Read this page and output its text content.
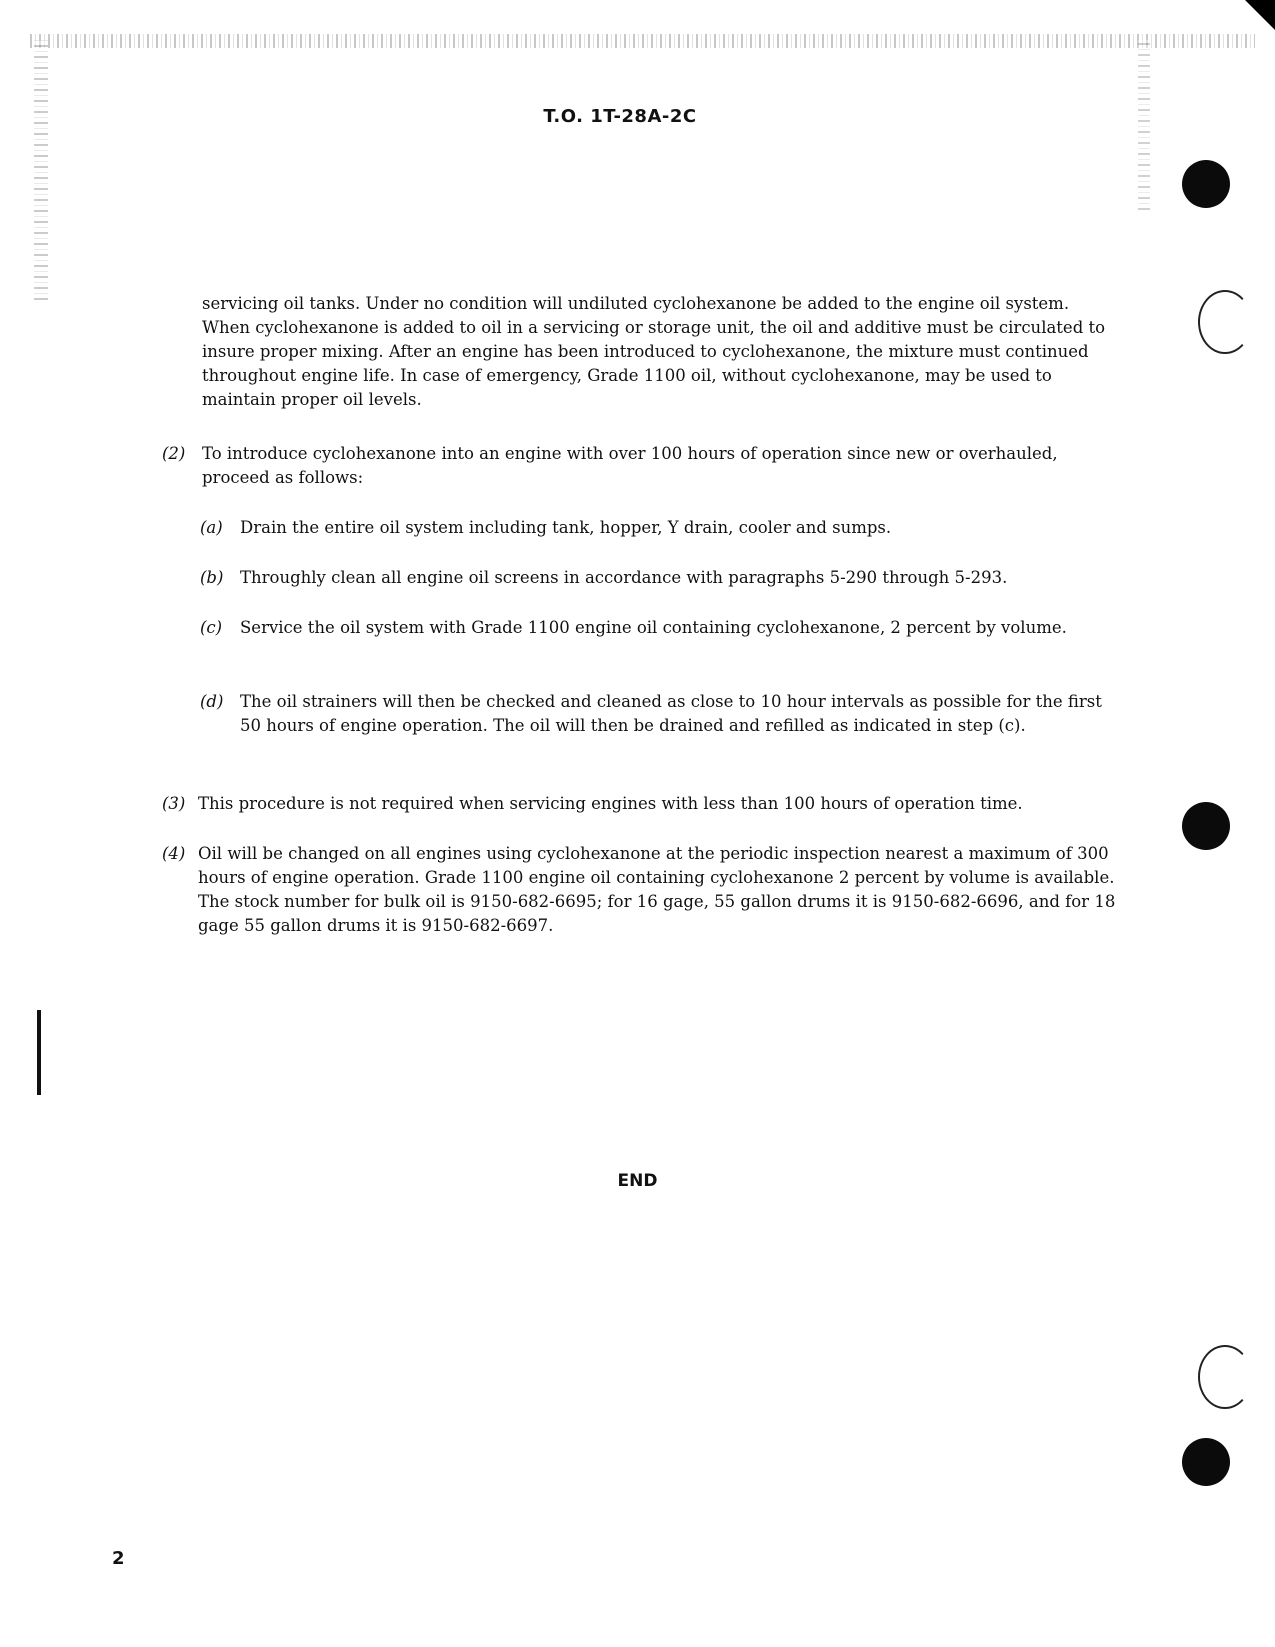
T.O. 1T-28A-2C

servicing oil tanks. Under no condition will undiluted cyclohexanone be added to the engine oil system. When cyclohexanone is added to oil in a servicing or storage unit, the oil and additive must be circulated to insure proper mixing. After an engine has been introduced to cyclohexanone, the mixture must continued throughout engine life. In case of emergency, Grade 1100 oil, without cyclohexanone, may be used to maintain proper oil levels.

(2) To introduce cyclohexanone into an engine with over 100 hours of operation since new or overhauled, proceed as follows:

(a) Drain the entire oil system including tank, hopper, Y drain, cooler and sumps.

(b) Throughly clean all engine oil screens in accordance with paragraphs 5-290 through 5-293.

(c) Service the oil system with Grade 1100 engine oil containing cyclohexanone, 2 percent by volume.

(d) The oil strainers will then be checked and cleaned as close to 10 hour intervals as possible for the first 50 hours of engine operation. The oil will then be drained and refilled as indicated in step (c).

(3) This procedure is not required when servicing engines with less than 100 hours of operation time.

(4) Oil will be changed on all engines using cyclohexanone at the periodic inspection nearest a maximum of 300 hours of engine operation. Grade 1100 engine oil containing cyclohexanone 2 percent by volume is available. The stock number for bulk oil is 9150-682-6695; for 16 gage, 55 gallon drums it is 9150-682-6696, and for 18 gage 55 gallon drums it is 9150-682-6697.

END
2
